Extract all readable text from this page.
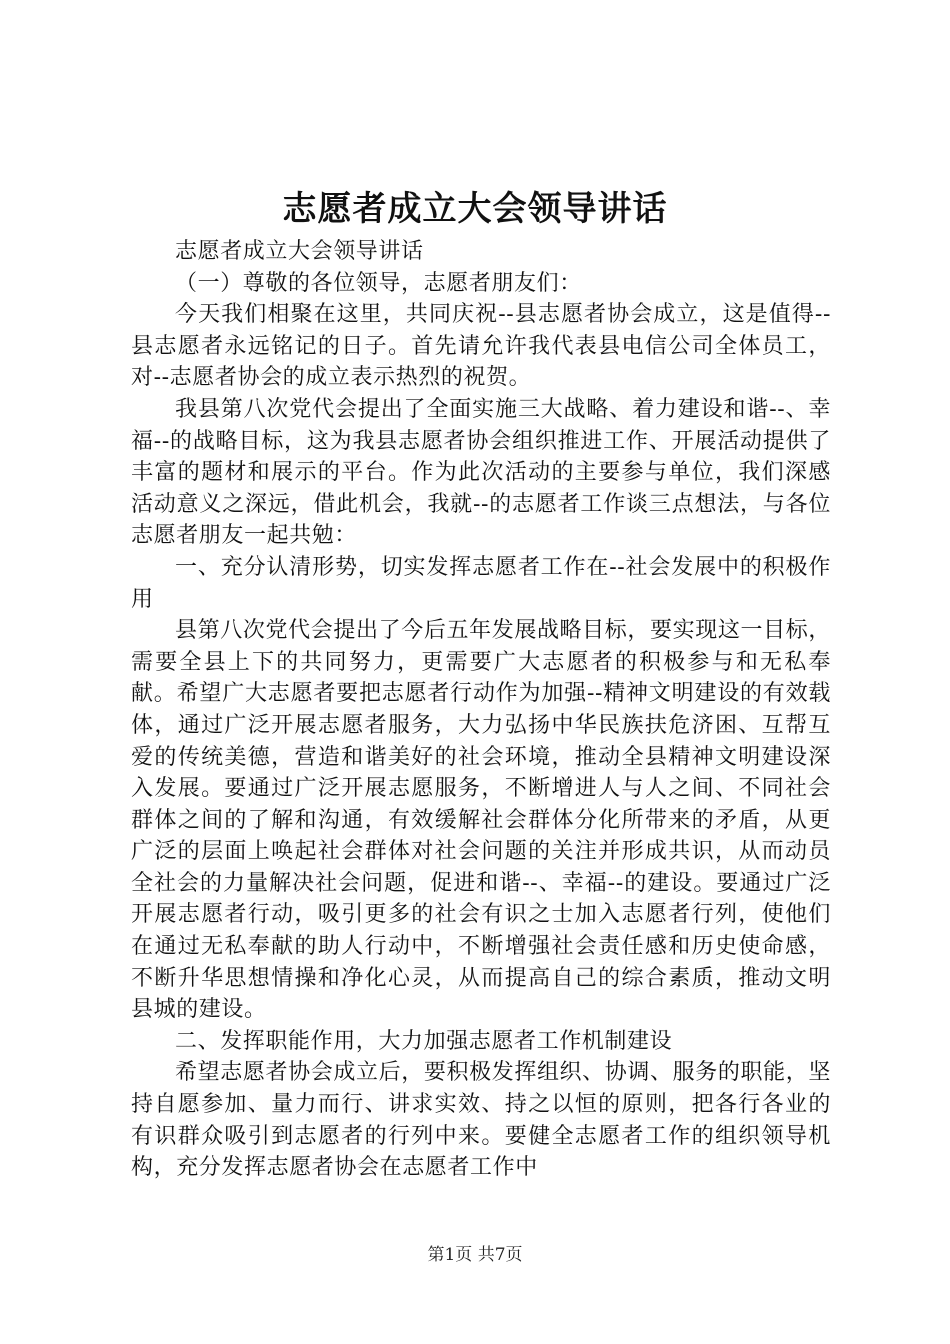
志愿者成立大会领导讲话

志愿者成立大会领导讲话

（一）尊敬的各位领导，志愿者朋友们：

今天我们相聚在这里，共同庆祝--县志愿者协会成立，这是值得--县志愿者永远铭记的日子。首先请允许我代表县电信公司全体员工，对--志愿者协会的成立表示热烈的祝贺。

我县第八次党代会提出了全面实施三大战略、着力建设和谐--、幸福--的战略目标，这为我县志愿者协会组织推进工作、开展活动提供了丰富的题材和展示的平台。作为此次活动的主要参与单位，我们深感活动意义之深远，借此机会，我就--的志愿者工作谈三点想法，与各位志愿者朋友一起共勉：

一、充分认清形势，切实发挥志愿者工作在--社会发展中的积极作用

县第八次党代会提出了今后五年发展战略目标，要实现这一目标，需要全县上下的共同努力，更需要广大志愿者的积极参与和无私奉献。希望广大志愿者要把志愿者行动作为加强--精神文明建设的有效载体，通过广泛开展志愿者服务，大力弘扬中华民族扶危济困、互帮互爱的传统美德，营造和谐美好的社会环境，推动全县精神文明建设深入发展。要通过广泛开展志愿服务，不断增进人与人之间、不同社会群体之间的了解和沟通，有效缓解社会群体分化所带来的矛盾，从更广泛的层面上唤起社会群体对社会问题的关注并形成共识，从而动员全社会的力量解决社会问题，促进和谐--、幸福--的建设。要通过广泛开展志愿者行动，吸引更多的社会有识之士加入志愿者行列，使他们在通过无私奉献的助人行动中，不断增强社会责任感和历史使命感，不断升华思想情操和净化心灵，从而提高自己的综合素质，推动文明县城的建设。

二、发挥职能作用，大力加强志愿者工作机制建设

希望志愿者协会成立后，要积极发挥组织、协调、服务的职能，坚持自愿参加、量力而行、讲求实效、持之以恒的原则，把各行各业的有识群众吸引到志愿者的行列中来。要健全志愿者工作的组织领导机构，充分发挥志愿者协会在志愿者工作中

第1页 共7页
